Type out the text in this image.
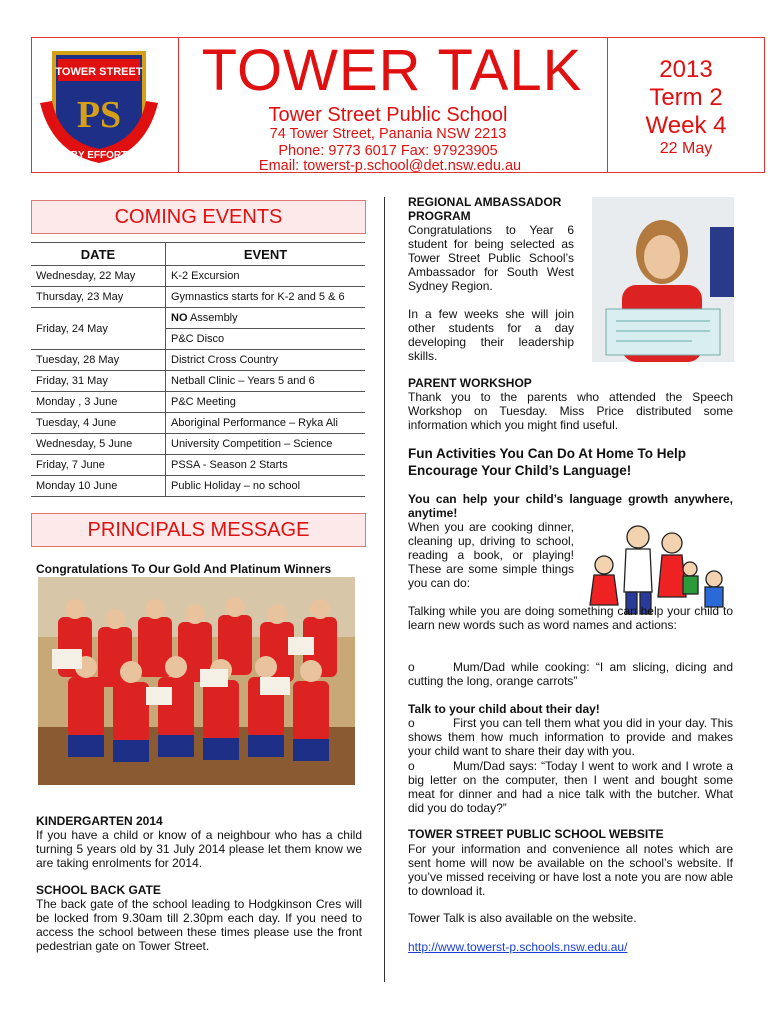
TOWER STREET
PS
BY EFFORT
TOWER TALK
Tower Street Public School
74 Tower Street, Panania NSW 2213
Phone: 9773 6017 Fax: 97923905
Email: towerst-p.school@det.nsw.edu.au
2013
Term 2
Week 4
22 May
COMING EVENTS
DATE	EVENT
Wednesday, 22 May	K-2 Excursion
Thursday, 23 May	Gymnastics starts for K-2 and 5 & 6
Friday, 24 May	NO Assembly
	P&C Disco
Tuesday, 28 May	District Cross Country
Friday, 31 May	Netball Clinic – Years 5 and 6
Monday , 3 June	P&C Meeting
Tuesday, 4 June	Aboriginal Performance – Ryka Ali
Wednesday, 5 June	University Competition – Science
Friday, 7 June	PSSA - Season 2 Starts
Monday 10 June	Public Holiday – no school
PRINCIPALS MESSAGE
Congratulations To Our Gold And Platinum Winners
KINDERGARTEN 2014
If you have a child or know of a neighbour who has a child turning 5 years old by 31 July 2014 please let them know we are taking enrolments for 2014.
SCHOOL BACK GATE
The back gate of the school leading to Hodgkinson Cres will be locked from 9.30am till 2.30pm each day. If you need to access the school between these times please use the front pedestrian gate on Tower Street.
REGIONAL AMBASSADOR PROGRAM
Congratulations to Year 6 student for being selected as Tower Street Public School’s Ambassador for South West Sydney Region.
In a few weeks she will join other students for a day developing their leadership skills.
PARENT WORKSHOP
Thank you to the parents who attended the Speech Workshop on Tuesday. Miss Price distributed some information which you might find useful.
Fun Activities You Can Do At Home To Help Encourage Your Child’s Language!
You can help your child’s language growth anywhere, anytime!
When you are cooking dinner, cleaning up, driving to school, reading a book, or playing! These are some simple things you can do:
Talking while you are doing something can help your child to learn new words such as word names and actions:
o	Mum/Dad while cooking: “I am slicing, dicing and cutting the long, orange carrots”
Talk to your child about their day!
o	First you can tell them what you did in your day. This shows them how much information to provide and makes your child want to share their day with you.
o	Mum/Dad says: “Today I went to work and I wrote a big letter on the computer, then I went and bought some meat for dinner and had a nice talk with the butcher. What did you do today?”
TOWER STREET PUBLIC SCHOOL WEBSITE
For your information and convenience all notes which are sent home will now be available on the school’s website. If you’ve missed receiving or have lost a note you are now able to download it.
Tower Talk is also available on the website.
http://www.towerst-p.schools.nsw.edu.au/
